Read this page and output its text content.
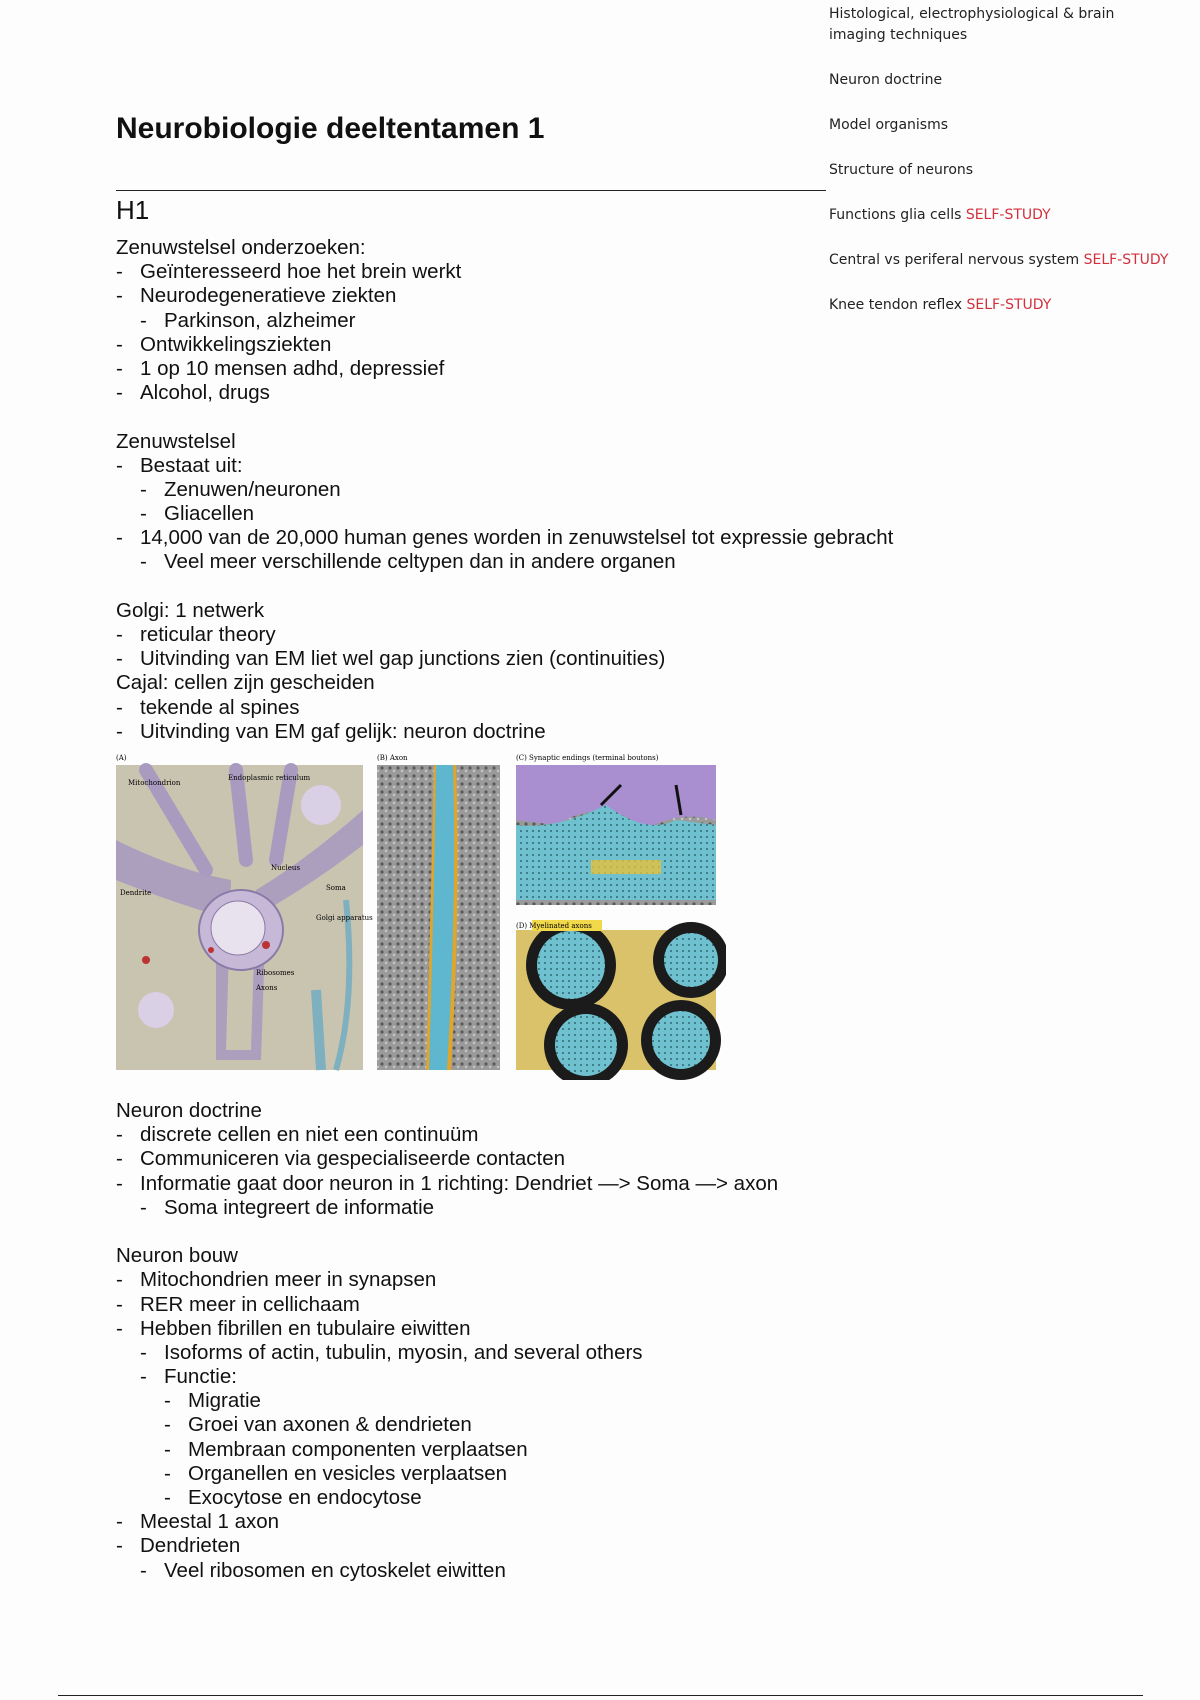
Histological, electrophysiological & brain imaging techniques
Neuron doctrine
Model organisms
Structure of neurons
Functions glia cells SELF-STUDY
Central vs periferal nervous system SELF-STUDY
Knee tendon reflex SELF-STUDY
Neurobiologie deeltentamen 1
H1
Zenuwstelsel onderzoeken:
- Geïnteresseerd hoe het brein werkt
- Neurodegeneratieve ziekten
- Parkinson, alzheimer
- Ontwikkelingsziekten
- 1 op 10 mensen adhd, depressief
- Alcohol, drugs
Zenuwstelsel
- Bestaat uit:
- Zenuwen/neuronen
- Gliacellen
- 14,000 van de 20,000 human genes worden in zenuwstelsel tot expressie gebracht
- Veel meer verschillende celtypen dan in andere organen
Golgi: 1 netwerk
- reticular theory
- Uitvinding van EM liet wel gap junctions zien (continuities)
Cajal: cellen zijn gescheiden
- tekende al spines
- Uitvinding van EM gaf gelijk: neuron doctrine
(A)
Mitochondrion
Endoplasmic reticulum
Nucleus
Soma
Dendrite
Golgi apparatus
Ribosomes
Axons
(B) Axon	(C) Synaptic endings (terminal boutons)
(D) Myelinated axons
Neuron doctrine
- discrete cellen en niet een continuüm
- Communiceren via gespecialiseerde contacten
- Informatie gaat door neuron in 1 richting: Dendriet —> Soma —> axon
- Soma integreert de informatie
Neuron bouw
- Mitochondrien meer in synapsen
- RER meer in cellichaam
- Hebben fibrillen en tubulaire eiwitten
- Isoforms of actin, tubulin, myosin, and several others
- Functie:
- Migratie
- Groei van axonen & dendrieten
- Membraan componenten verplaatsen
- Organellen en vesicles verplaatsen
- Exocytose en endocytose
- Meestal 1 axon
- Dendrieten
- Veel ribosomen en cytoskelet eiwitten
